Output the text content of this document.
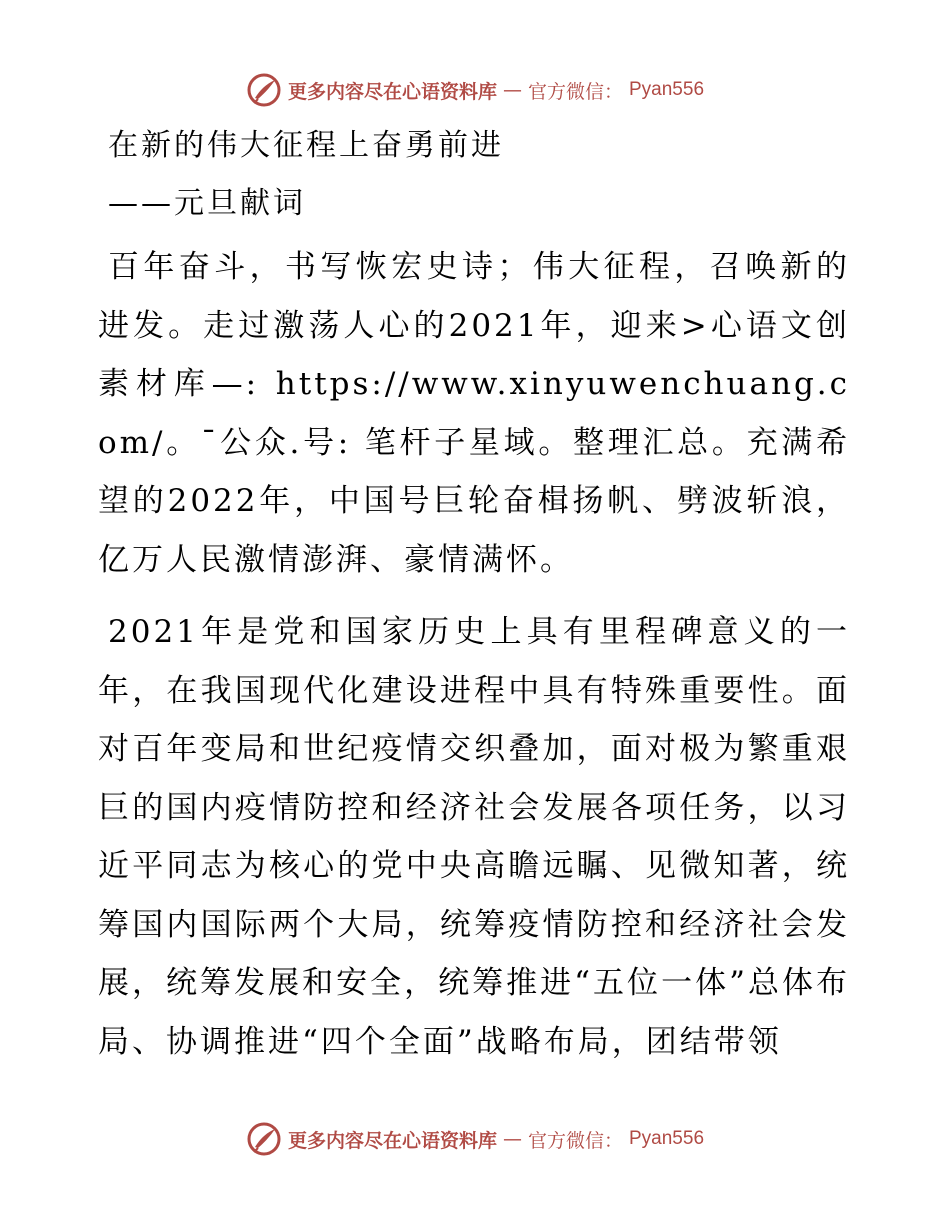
更多内容尽在心语资料库 — 官方微信： Pyan556
在新的伟大征程上奋勇前进
——元旦献词

百年奋斗，书写恢宏史诗；伟大征程，召唤新的进发。走过激荡人心的2021年，迎来>心语文创素材库—: https://www.xinyuwenchuang.com/。¯公众.号: 笔杆子星域。整理汇总。充满希望的2022年，中国号巨轮奋楫扬帆、劈波斩浪，亿万人民激情澎湃、豪情满怀。

2021年是党和国家历史上具有里程碑意义的一年，在我国现代化建设进程中具有特殊重要性。面对百年变局和世纪疫情交织叠加，面对极为繁重艰巨的国内疫情防控和经济社会发展各项任务，以习近平同志为核心的党中央高瞻远瞩、见微知著，统筹国内国际两个大局，统筹疫情防控和经济社会发展，统筹发展和安全，统筹推进“五位一体”总体布局、协调推进“四个全面”战略布局，团结带领

更多内容尽在心语资料库 — 官方微信： Pyan556
